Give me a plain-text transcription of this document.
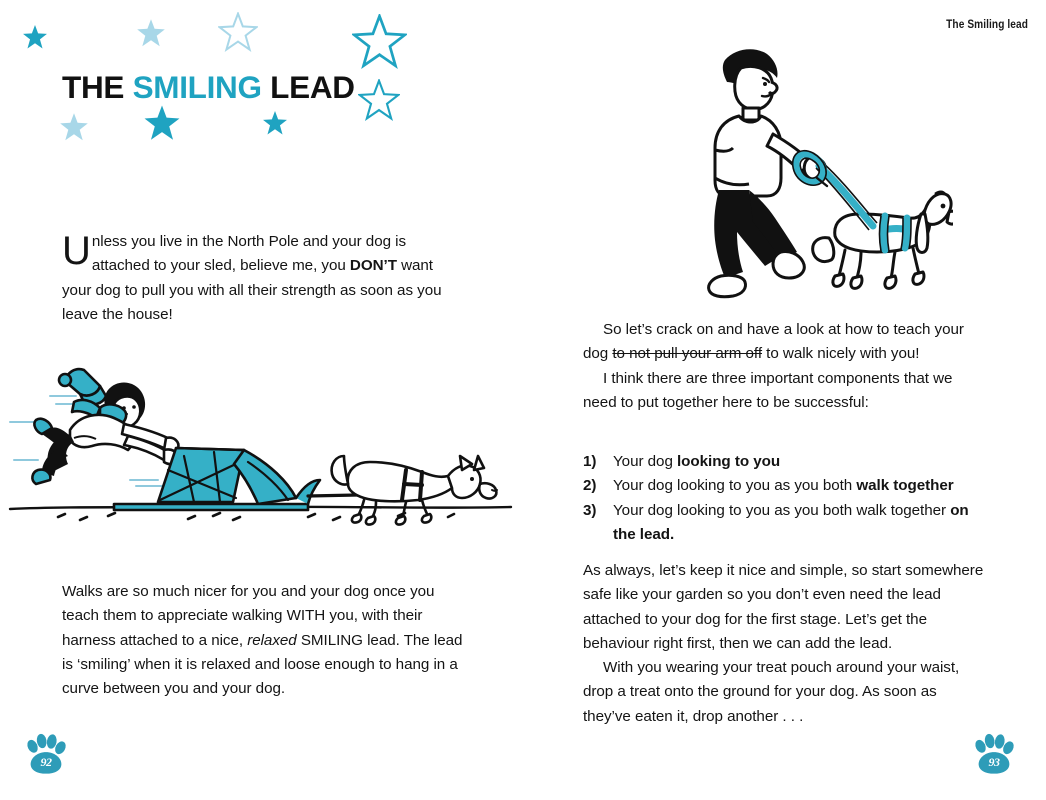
THE SMILING LEAD
Unless you live in the North Pole and your dog is
attached to your sled, believe me, you DON’T want your dog to pull you with all their strength as soon as you leave the house!
Walks are so much nicer for you and your dog once you teach them to appreciate walking WITH you, with their harness attached to a nice, relaxed SMILING lead. The lead is ‘smiling’ when it is relaxed and loose enough to hang in a curve between you and your dog.
92
The Smiling lead

So let’s crack on and have a look at how to teach your dog to not pull your arm off to walk nicely with you!

I think there are three important components that we need to put together here to be successful:

1) Your dog looking to you
2) Your dog looking to you as you both walk together
3) Your dog looking to you as you both walk together on the lead.

As always, let’s keep it nice and simple, so start somewhere safe like your garden so you don’t even need the lead attached to your dog for the first stage. Let’s get the behaviour right first, then we can add the lead.

With you wearing your treat pouch around your waist, drop a treat onto the ground for your dog. As soon as they’ve eaten it, drop another . . .

93
